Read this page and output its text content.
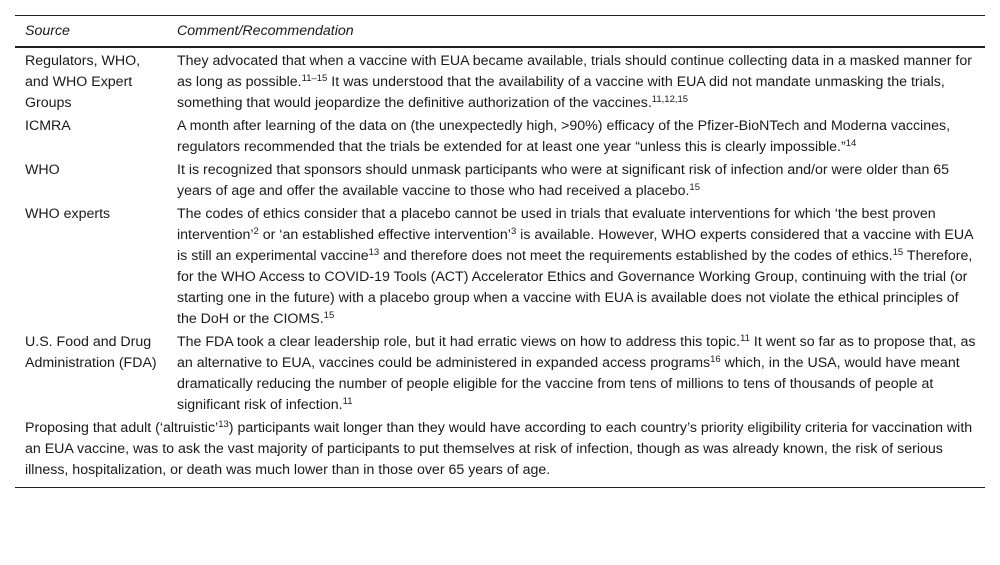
Source	Comment/Recommendation
Regulators, WHO, and WHO Expert Groups	They advocated that when a vaccine with EUA became available, trials should continue collecting data in a masked manner for as long as possible.$^{11-15}$ It was understood that the availability of a vaccine with EUA did not mandate unmasking the trials, something that would jeopardize the definitive authorization of the vaccines.$^{11,12,15}$
ICMRA	A month after learning of the data on (the unexpectedly high, >90%) efficacy of the Pfizer-BioNTech and Moderna vaccines, regulators recommended that the trials be extended for at least one year “unless this is clearly impossible.”$^{14}$
WHO	It is recognized that sponsors should unmask participants who were at significant risk of infection and/or were older than 65 years of age and offer the available vaccine to those who had received a placebo.$^{15}$
WHO experts	The codes of ethics consider that a placebo cannot be used in trials that evaluate interventions for which ‘the best proven intervention’$^2$ or ‘an established effective intervention’$^3$ is available. However, WHO experts considered that a vaccine with EUA is still an experimental vaccine$^{13}$ and therefore does not meet the requirements established by the codes of ethics.$^{15}$ Therefore, for the WHO Access to COVID-19 Tools (ACT) Accelerator Ethics and Governance Working Group, continuing with the trial (or starting one in the future) with a placebo group when a vaccine with EUA is available does not violate the ethical principles of the DoH or the CIOMS.$^{15}$
U.S. Food and Drug Administration (FDA)	The FDA took a clear leadership role, but it had erratic views on how to address this topic.$^{11}$ It went so far as to propose that, as an alternative to EUA, vaccines could be administered in expanded access programs$^{16}$ which, in the USA, would have meant dramatically reducing the number of people eligible for the vaccine from tens of millions to tens of thousands of people at significant risk of infection.$^{11}$
Proposing that adult (‘altruistic’$^{13}$) participants wait longer than they would have according to each country’s priority eligibility criteria for vaccination with an EUA vaccine, was to ask the vast majority of participants to put themselves at risk of infection, though as was already known, the risk of serious illness, hospitalization, or death was much lower than in those over 65 years of age.	
